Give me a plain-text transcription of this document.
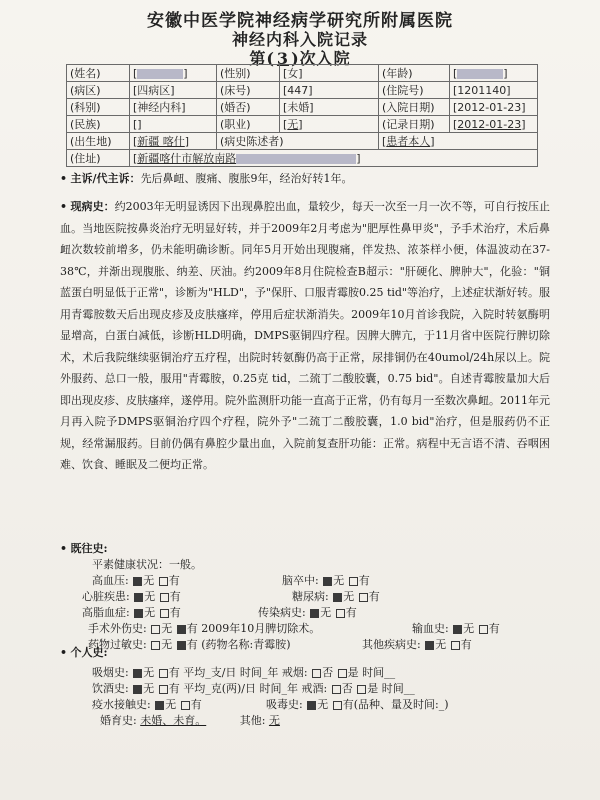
安徽中医学院神经病学研究所附属医院
神经内科入院记录
第( 3 )次入院
(姓名)	[ ]	(性别)	[女]	(年龄)	[ ]
(病区)	[四病区]	(床号)	[447]	(住院号)	[1201140]
(科别)	[神经内科]	(婚否)	[未婚]	(入院日期)	[2012-01-23]
(民族)	[]	(职业)	[无]	(记录日期)	[2012-01-23]
(出生地)	[新疆 喀什]	(病史陈述者)		[患者本人]	
(住址)	[新疆喀什市解放南路 ]				
• 主诉/代主诉：先后鼻衄、腹痛、腹胀9年，经治好转1年。
• 现病史：约2003年无明显诱因下出现鼻腔出血，量较少，每天一次至一月一次不等，可自行按压止血。当地医院按鼻炎治疗无明显好转，并于2009年2月考虑为"肥厚性鼻甲炎"，予手术治疗，术后鼻衄次数较前增多，仍未能明确诊断。同年5月开始出现腹痛，伴发热、浓茶样小便，体温波动在37-38℃，并渐出现腹胀、纳差、厌油。约2009年8月住院检查B超示："肝硬化、脾肿大"，化验："铜蓝蛋白明显低于正常"，诊断为"HLD"，予"保肝、口服青霉胺0.25 tid"等治疗，上述症状渐好转。服用青霉胺数天后出现皮疹及皮肤瘙痒，停用后症状渐消失。2009年10月首诊我院，入院时转氨酶明显增高，白蛋白减低，诊断HLD明确，DMPS驱铜四疗程。因脾大脾亢，于11月省中医院行脾切除术，术后我院继续驱铜治疗五疗程，出院时转氨酶仍高于正常，尿排铜仍在40umol/24h尿以上。院外服药、总口一般，服用"青霉胺，0.25克 tid，二巯丁二酸胶囊，0.75 bid"。自述青霉胺量加大后即出现皮疹、皮肤瘙痒，遂停用。院外监测肝功能一直高于正常，仍有每月一至数次鼻衄。2011年元月再入院予DMPS驱铜治疗四个疗程，院外予"二巯丁二酸胶囊，1.0 bid"治疗，但是服药仍不正规，经常漏服药。目前仍偶有鼻腔少量出血，入院前复查肝功能：正常。病程中无言语不清、吞咽困难、饮食、睡眠及二便均正常。
• 既往史:
平素健康状况：一般。
高血压: 无 有	脑卒中: 无 有
心脏疾患: 无 有	糖尿病: 无 有
高脂血症: 无 有	传染病史: 无 有
手术外伤史: 无 有 2009年10月脾切除术。	输血史: 无 有
药物过敏史: 无 有 (药物名称:青霉胺)	其他疾病史: 无 有
• 个人史:
吸烟史: 无 有 平均_支/日 时间_年 戒烟: 否 是 时间__
饮酒史: 无 有 平均_克(两)/日 时间_年 戒酒: 否 是 时间__
疫水接触史: 无 有	吸毒史: 无 有(品种、量及时间:_)
婚育史: 未婚、未育。	其他: 无
